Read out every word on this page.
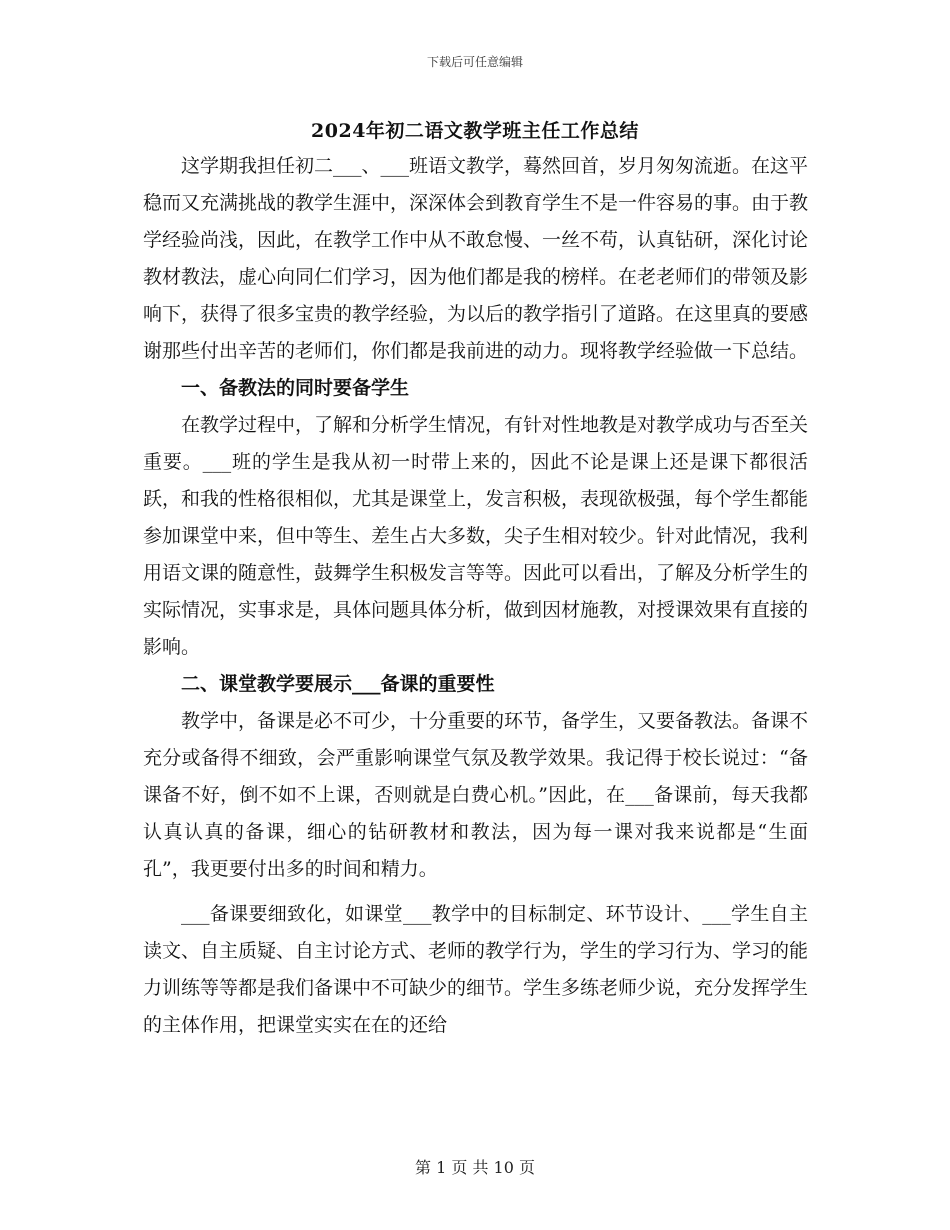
下载后可任意编辑
2024年初二语文教学班主任工作总结

这学期我担任初二___、___班语文教学，蓦然回首，岁月匆匆流逝。在这平稳而又充满挑战的教学生涯中，深深体会到教育学生不是一件容易的事。由于教学经验尚浅，因此，在教学工作中从不敢怠慢、一丝不苟，认真钻研，深化讨论教材教法，虚心向同仁们学习，因为他们都是我的榜样。在老老师们的带领及影响下，获得了很多宝贵的教学经验，为以后的教学指引了道路。在这里真的要感谢那些付出辛苦的老师们，你们都是我前进的动力。现将教学经验做一下总结。

一、备教法的同时要备学生

在教学过程中，了解和分析学生情况，有针对性地教是对教学成功与否至关重要。___班的学生是我从初一时带上来的，因此不论是课上还是课下都很活跃，和我的性格很相似，尤其是课堂上，发言积极，表现欲极强，每个学生都能参加课堂中来，但中等生、差生占大多数，尖子生相对较少。针对此情况，我利用语文课的随意性，鼓舞学生积极发言等等。因此可以看出，了解及分析学生的实际情况，实事求是，具体问题具体分析，做到因材施教，对授课效果有直接的影响。

二、课堂教学要展示___备课的重要性

教学中，备课是必不可少，十分重要的环节，备学生，又要备教法。备课不充分或备得不细致，会严重影响课堂气氛及教学效果。我记得于校长说过：“备课备不好，倒不如不上课，否则就是白费心机。”因此，在___备课前，每天我都认真认真的备课，细心的钻研教材和教法，因为每一课对我来说都是“生面孔”，我更要付出多的时间和精力。

___备课要细致化，如课堂___教学中的目标制定、环节设计、___学生自主读文、自主质疑、自主讨论方式、老师的教学行为，学生的学习行为、学习的能力训练等等都是我们备课中不可缺少的细节。学生多练老师少说，充分发挥学生的主体作用，把课堂实实在在的还给

第 1 页 共 10 页
